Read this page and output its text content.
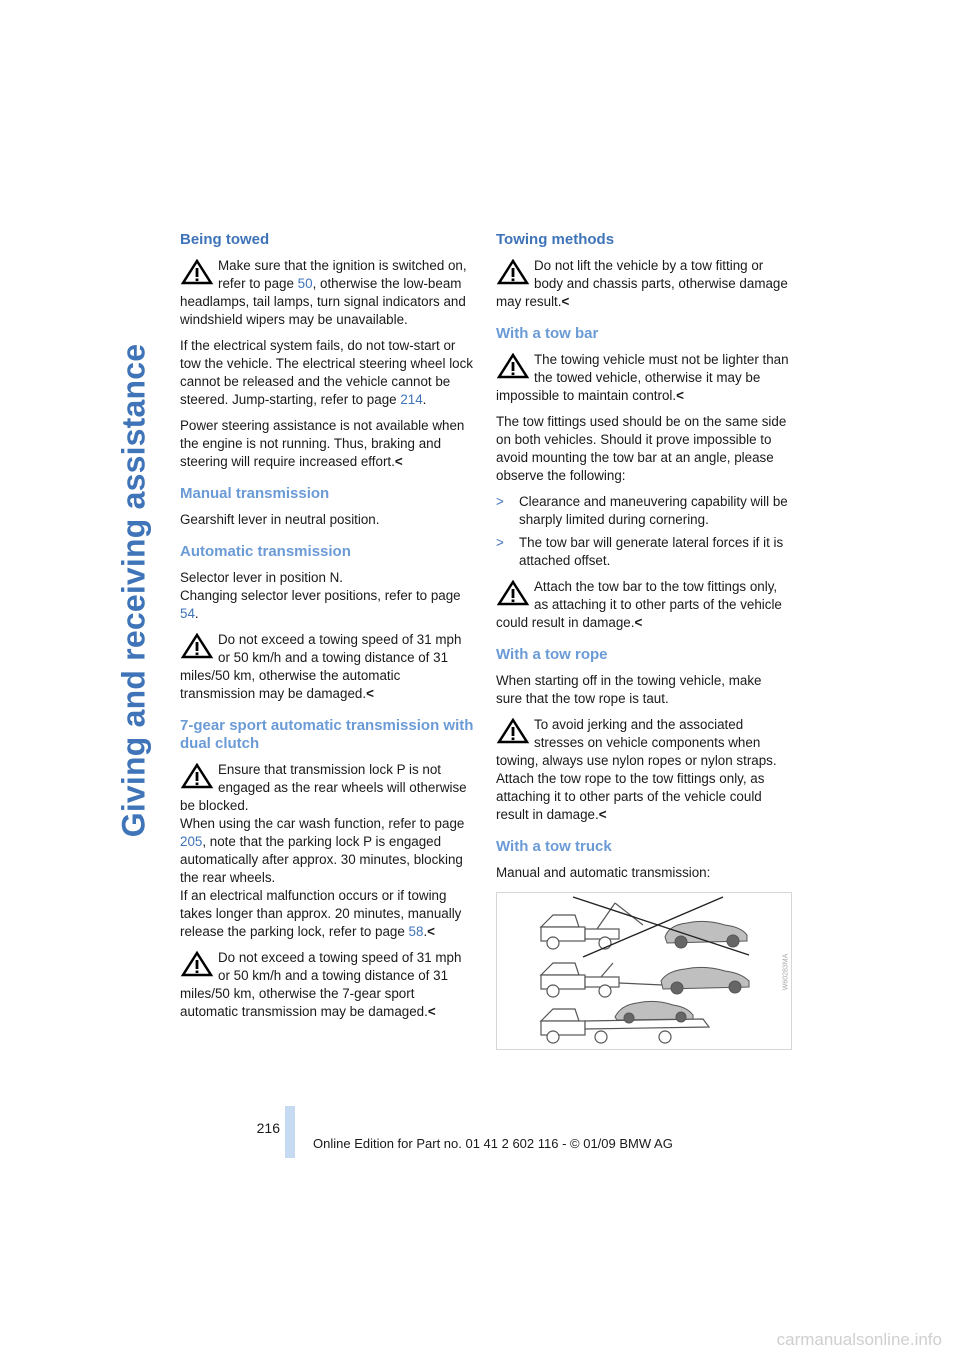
Giving and receiving assistance
Being towed
Make sure that the ignition is switched on, refer to page 50, otherwise the low-beam headlamps, tail lamps, turn signal indicators and windshield wipers may be unavailable.

If the electrical system fails, do not tow-start or tow the vehicle. The electrical steering wheel lock cannot be released and the vehicle cannot be steered. Jump-starting, refer to page 214.

Power steering assistance is not available when the engine is not running. Thus, braking and steering will require increased effort.<

Manual transmission

Gearshift lever in neutral position.

Automatic transmission

Selector lever in position N.

Changing selector lever positions, refer to page 54.

Do not exceed a towing speed of 31 mph or 50 km/h and a towing distance of 31 miles/50 km, otherwise the automatic transmission may be damaged.<
7-gear sport automatic transmission with dual clutch
Ensure that transmission lock P is not engaged as the rear wheels will otherwise be blocked.

When using the car wash function, refer to page 205, note that the parking lock P is engaged automatically after approx. 30 minutes, blocking the rear wheels.

If an electrical malfunction occurs or if towing takes longer than approx. 20 minutes, manually release the parking lock, refer to page 58.<

Do not exceed a towing speed of 31 mph or 50 km/h and a towing distance of 31 miles/50 km, otherwise the 7-gear sport automatic transmission may be damaged.<
Towing methods
Do not lift the vehicle by a tow fitting or body and chassis parts, otherwise damage may result.<
With a tow bar
The towing vehicle must not be lighter than the towed vehicle, otherwise it may be impossible to maintain control.<

The tow fittings used should be on the same side on both vehicles. Should it prove impossible to avoid mounting the tow bar at an angle, please observe the following:

> Clearance and maneuvering capability will be sharply limited during cornering.
> The tow bar will generate lateral forces if it is attached offset.
Attach the tow bar to the tow fittings only, as attaching it to other parts of the vehicle could result in damage.<
With a tow rope

When starting off in the towing vehicle, make sure that the tow rope is taut.

To avoid jerking and the associated stresses on vehicle components when towing, always use nylon ropes or nylon straps. Attach the tow rope to the tow fittings only, as attaching it to other parts of the vehicle could result in damage.<
With a tow truck

Manual and automatic transmission:

W60283MA
216
Online Edition for Part no. 01 41 2 602 116 - © 01/09 BMW AG
carmanualsonline.info
